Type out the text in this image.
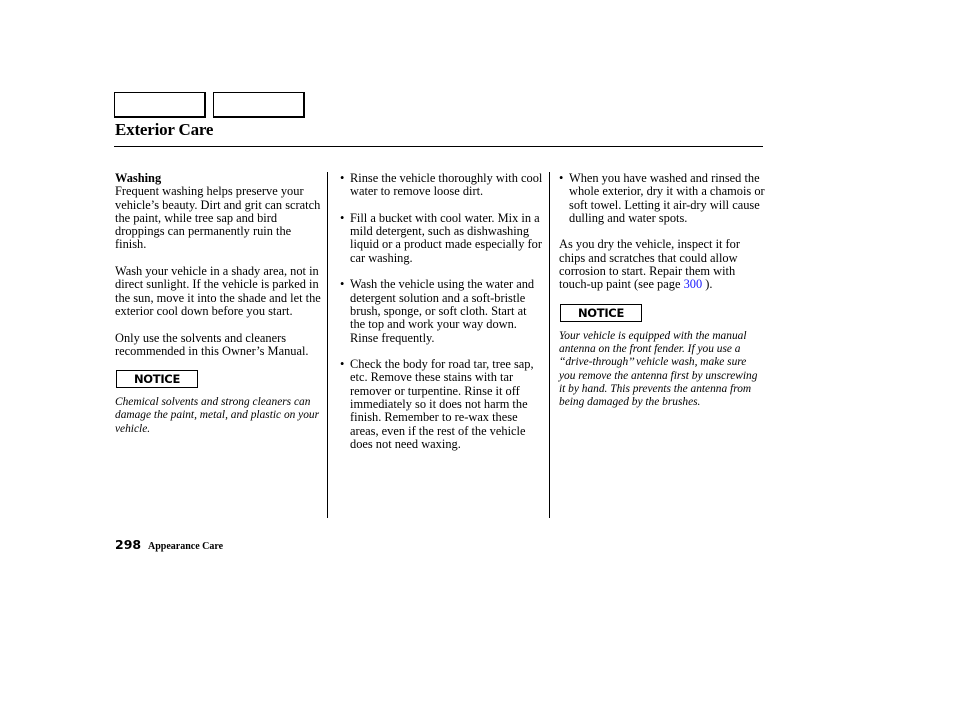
Exterior Care
Washing

Frequent washing helps preserve your vehicle’s beauty. Dirt and grit can scratch the paint, while tree sap and bird droppings can permanently ruin the finish.

Wash your vehicle in a shady area, not in direct sunlight. If the vehicle is parked in the sun, move it into the shade and let the exterior cool down before you start.

Only use the solvents and cleaners recommended in this Owner’s Manual.

NOTICE
Chemical solvents and strong cleaners can damage the paint, metal, and plastic on your vehicle.
• Rinse the vehicle thoroughly with cool water to remove loose dirt.
• Fill a bucket with cool water. Mix in a mild detergent, such as dishwashing liquid or a product made especially for car washing.
• Wash the vehicle using the water and detergent solution and a soft-bristle brush, sponge, or soft cloth. Start at the top and work your way down. Rinse frequently.
• Check the body for road tar, tree sap, etc. Remove these stains with tar remover or turpentine. Rinse it off immediately so it does not harm the finish. Remember to re-wax these areas, even if the rest of the vehicle does not need waxing.
• When you have washed and rinsed the whole exterior, dry it with a chamois or soft towel. Letting it air-dry will cause dulling and water spots.

As you dry the vehicle, inspect it for chips and scratches that could allow corrosion to start. Repair them with touch-up paint (see page 300 ).

NOTICE
Your vehicle is equipped with the manual antenna on the front fender. If you use a ‘‘drive-through’’ vehicle wash, make sure you remove the antenna first by unscrewing it by hand. This prevents the antenna from being damaged by the brushes.
298 Appearance Care
